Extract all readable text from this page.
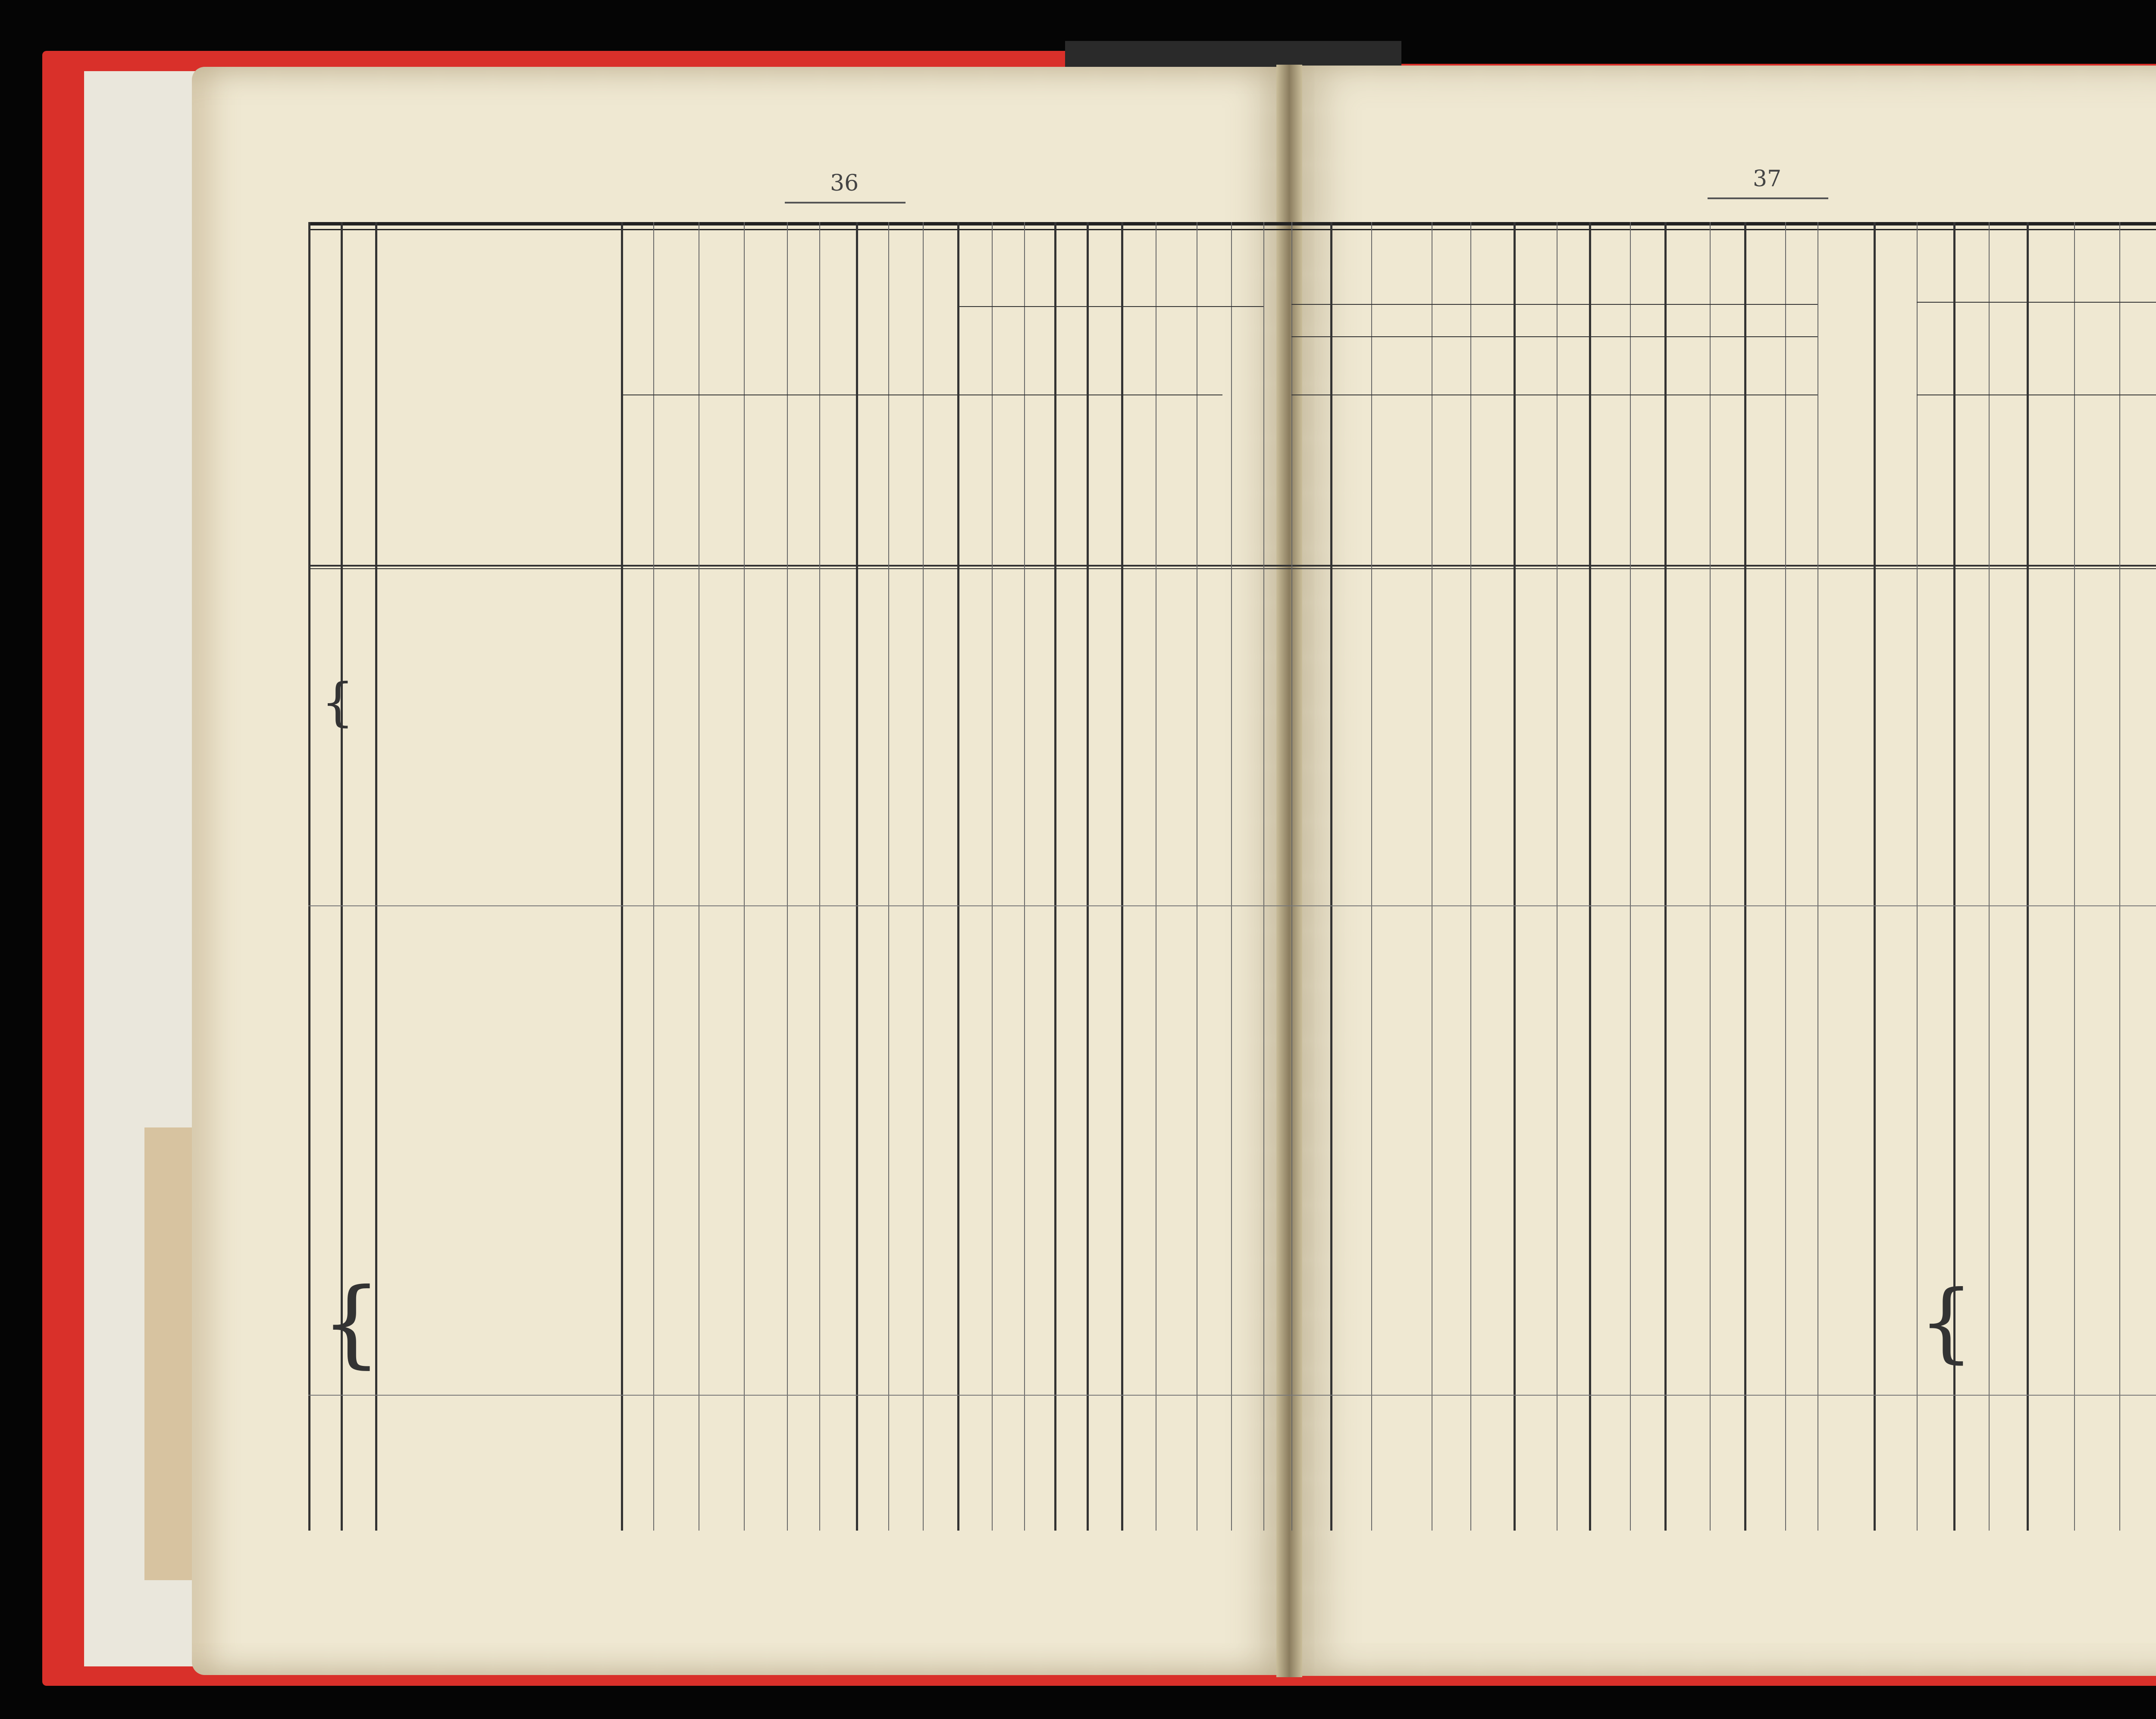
36	37
{
{	{
